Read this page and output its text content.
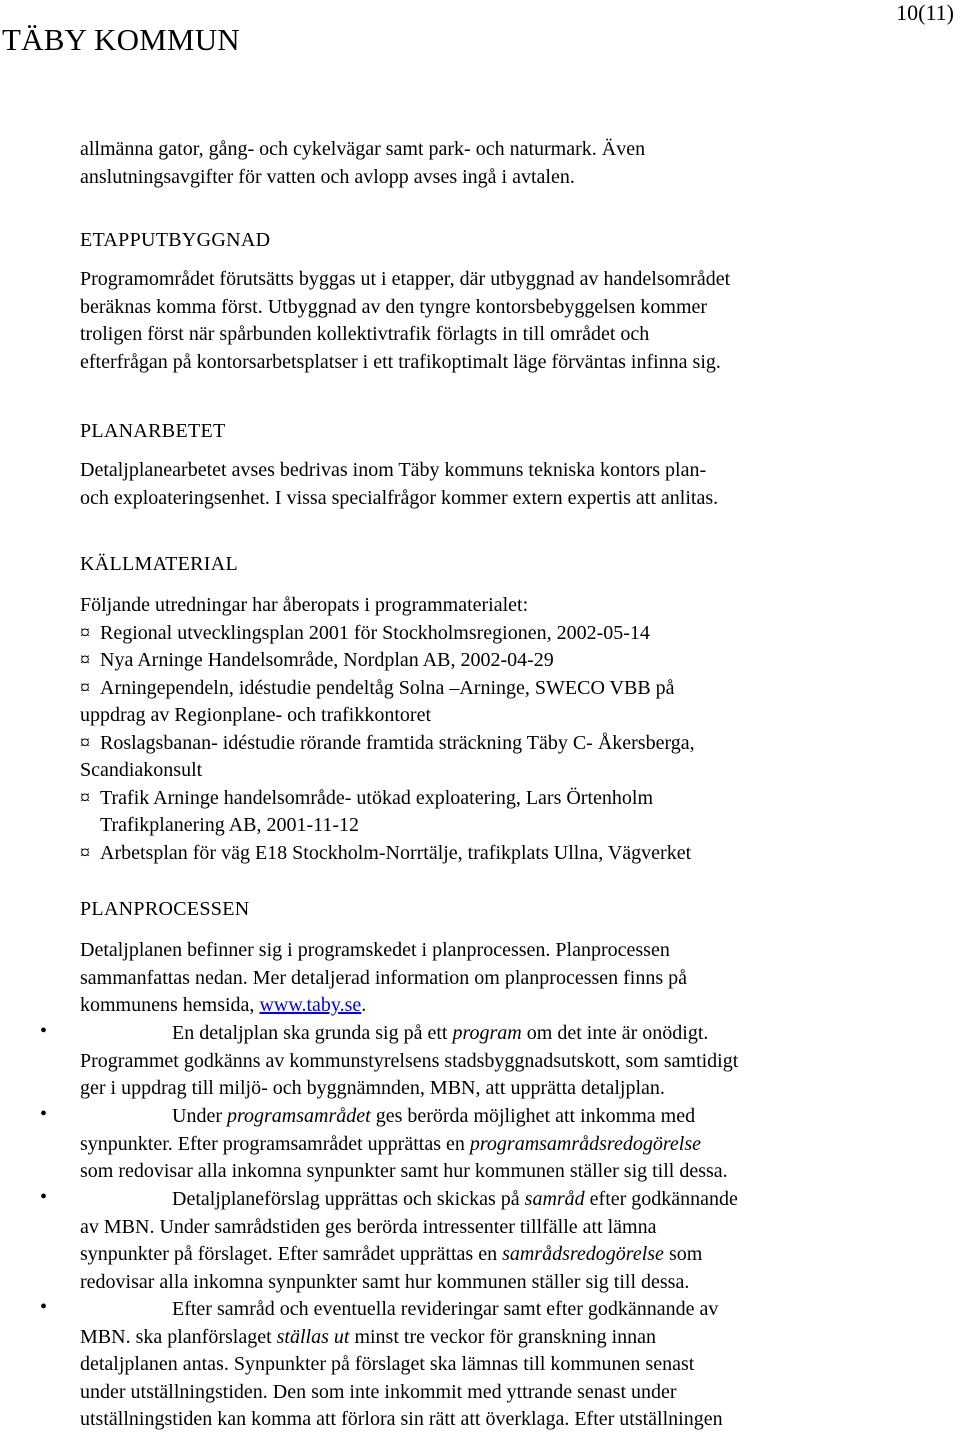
TÄBY KOMMUN
10(11)
allmänna gator, gång- och cykelvägar samt park- och naturmark. Även
anslutningsavgifter för vatten och avlopp avses ingå i avtalen.
ETAPPUTBYGGNAD
Programområdet förutsätts byggas ut i etapper, där utbyggnad av handelsområdet
beräknas komma först. Utbyggnad av den tyngre kontorsbebyggelsen kommer
troligen först när spårbunden kollektivtrafik förlagts in till området och
efterfrågan på kontorsarbetsplatser i ett trafikoptimalt läge förväntas infinna sig.
PLANARBETET
Detaljplanearbetet avses bedrivas inom Täby kommuns tekniska kontors plan-
och exploateringsenhet. I vissa specialfrågor kommer extern expertis att anlitas.
KÄLLMATERIAL
Följande utredningar har åberopats i programmaterialet:
¤ Regional utvecklingsplan 2001 för Stockholmsregionen, 2002-05-14
¤ Nya Arninge Handelsområde, Nordplan AB, 2002-04-29
¤ Arningependeln, idéstudie pendeltåg Solna –Arninge, SWECO VBB på
uppdrag av Regionplane- och trafikkontoret
¤ Roslagsbanan- idéstudie rörande framtida sträckning Täby C- Åkersberga,
Scandiakonsult
¤ Trafik Arninge handelsområde- utökad exploatering, Lars Örtenholm
Trafikplanering AB, 2001-11-12
¤ Arbetsplan för väg E18 Stockholm-Norrtälje, trafikplats Ullna, Vägverket
PLANPROCESSEN
Detaljplanen befinner sig i programskedet i planprocessen. Planprocessen
sammanfattas nedan. Mer detaljerad information om planprocessen finns på
kommunens hemsida, www.taby.se.
•	En detaljplan ska grunda sig på ett program om det inte är onödigt.
Programmet godkänns av kommunstyrelsens stadsbyggnadsutskott, som samtidigt
ger i uppdrag till miljö- och byggnämnden, MBN, att upprätta detaljplan.
•	Under programsamrådet ges berörda möjlighet att inkomma med
synpunkter. Efter programsamrådet upprättas en programsamrådsredogörelse
som redovisar alla inkomna synpunkter samt hur kommunen ställer sig till dessa.
•	Detaljplaneförslag upprättas och skickas på samråd efter godkännande
av MBN. Under samrådstiden ges berörda intressenter tillfälle att lämna
synpunkter på förslaget. Efter samrådet upprättas en samrådsredogörelse som
redovisar alla inkomna synpunkter samt hur kommunen ställer sig till dessa.
•	Efter samråd och eventuella revideringar samt efter godkännande av
MBN. ska planförslaget ställas ut minst tre veckor för granskning innan
detaljplanen antas. Synpunkter på förslaget ska lämnas till kommunen senast
under utställningstiden. Den som inte inkommit med yttrande senast under
utställningstiden kan komma att förlora sin rätt att överklaga. Efter utställningen
